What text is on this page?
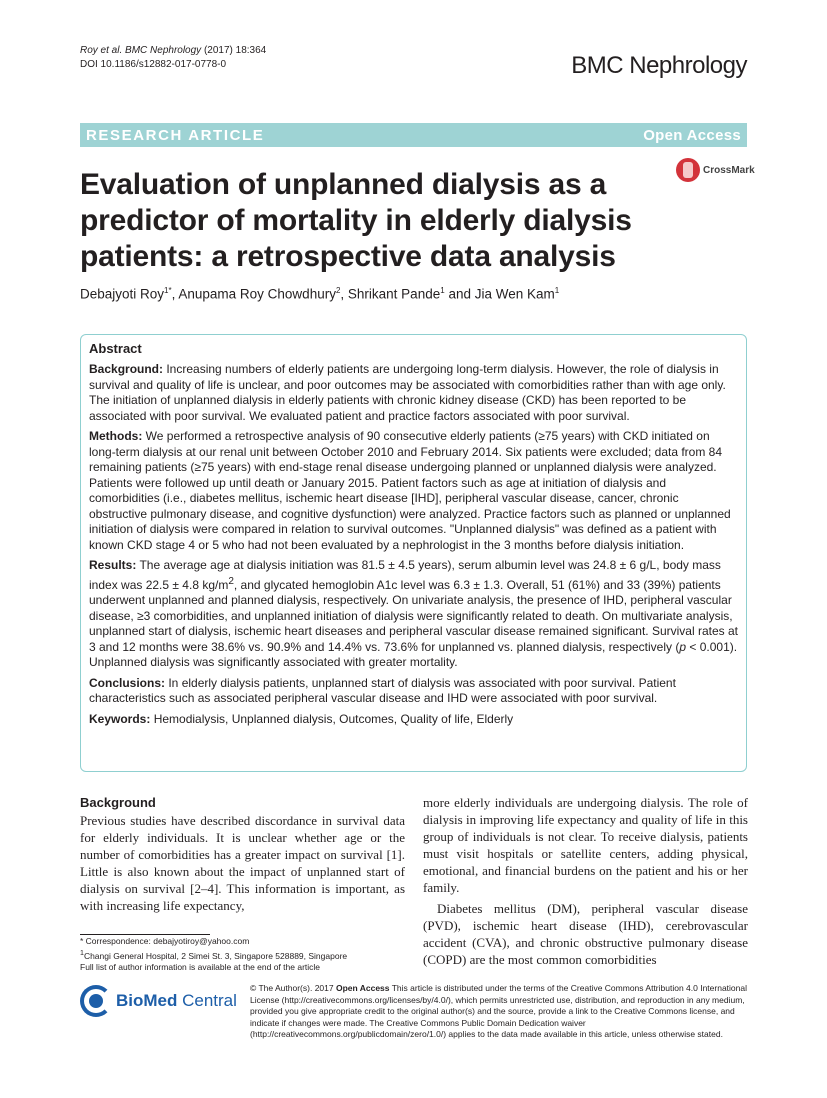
Roy et al. BMC Nephrology (2017) 18:364
DOI 10.1186/s12882-017-0778-0	BMC Nephrology
RESEARCH ARTICLE	Open Access
CrossMark
Evaluation of unplanned dialysis as a predictor of mortality in elderly dialysis patients: a retrospective data analysis
Debajyoti Roy$^{1*}$, Anupama Roy Chowdhury$^2$, Shrikant Pande$^1$ and Jia Wen Kam$^1$
Abstract

Background: Increasing numbers of elderly patients are undergoing long-term dialysis. However, the role of dialysis in survival and quality of life is unclear, and poor outcomes may be associated with comorbidities rather than with age only. The initiation of unplanned dialysis in elderly patients with chronic kidney disease (CKD) has been reported to be associated with poor survival. We evaluated patient and practice factors associated with poor survival.

Methods: We performed a retrospective analysis of 90 consecutive elderly patients (≥75 years) with CKD initiated on long-term dialysis at our renal unit between October 2010 and February 2014. Six patients were excluded; data from 84 remaining patients (≥75 years) with end-stage renal disease undergoing planned or unplanned dialysis were analyzed. Patients were followed up until death or January 2015. Patient factors such as age at initiation of dialysis and comorbidities (i.e., diabetes mellitus, ischemic heart disease [IHD], peripheral vascular disease, cancer, chronic obstructive pulmonary disease, and cognitive dysfunction) were analyzed. Practice factors such as planned or unplanned initiation of dialysis were compared in relation to survival outcomes. "Unplanned dialysis" was defined as a patient with known CKD stage 4 or 5 who had not been evaluated by a nephrologist in the 3 months before dialysis initiation.

Results: The average age at dialysis initiation was 81.5 ± 4.5 years), serum albumin level was 24.8 ± 6 g/L, body mass index was 22.5 ± 4.8 $kg/m^2$, and glycated hemoglobin A1c level was 6.3 ± 1.3. Overall, 51 (61%) and 33 (39%) patients underwent unplanned and planned dialysis, respectively. On univariate analysis, the presence of IHD, peripheral vascular disease, ≥3 comorbidities, and unplanned initiation of dialysis were significantly related to death. On multivariate analysis, unplanned start of dialysis, ischemic heart diseases and peripheral vascular disease remained significant. Survival rates at 3 and 12 months were 38.6% vs. 90.9% and 14.4% vs. 73.6% for unplanned vs. planned dialysis, respectively (p < 0.001). Unplanned dialysis was significantly associated with greater mortality.

Conclusions: In elderly dialysis patients, unplanned start of dialysis was associated with poor survival. Patient characteristics such as associated peripheral vascular disease and IHD were associated with poor survival.

Keywords: Hemodialysis, Unplanned dialysis, Outcomes, Quality of life, Elderly

Background

Previous studies have described discordance in survival data for elderly individuals. It is unclear whether age or the number of comorbidities has a greater impact on survival [1]. Little is also known about the impact of unplanned start of dialysis on survival [2–4]. This information is important, as with increasing life expectancy,

more elderly individuals are undergoing dialysis. The role of dialysis in improving life expectancy and quality of life in this group of individuals is not clear. To receive dialysis, patients must visit hospitals or satellite centers, adding physical, emotional, and financial burdens on the patient and his or her family.

Diabetes mellitus (DM), peripheral vascular disease (PVD), ischemic heart disease (IHD), cerebrovascular accident (CVA), and chronic obstructive pulmonary disease (COPD) are the most common comorbidities

* Correspondence: debajyotiroy@yahoo.com
$^1$Changi General Hospital, 2 Simei St. 3, Singapore 528889, Singapore
Full list of author information is available at the end of the article
BioMed Central
© The Author(s). 2017 Open Access This article is distributed under the terms of the Creative Commons Attribution 4.0 International License (http://creativecommons.org/licenses/by/4.0/), which permits unrestricted use, distribution, and reproduction in any medium, provided you give appropriate credit to the original author(s) and the source, provide a link to the Creative Commons license, and indicate if changes were made. The Creative Commons Public Domain Dedication waiver (http://creativecommons.org/publicdomain/zero/1.0/) applies to the data made available in this article, unless otherwise stated.
